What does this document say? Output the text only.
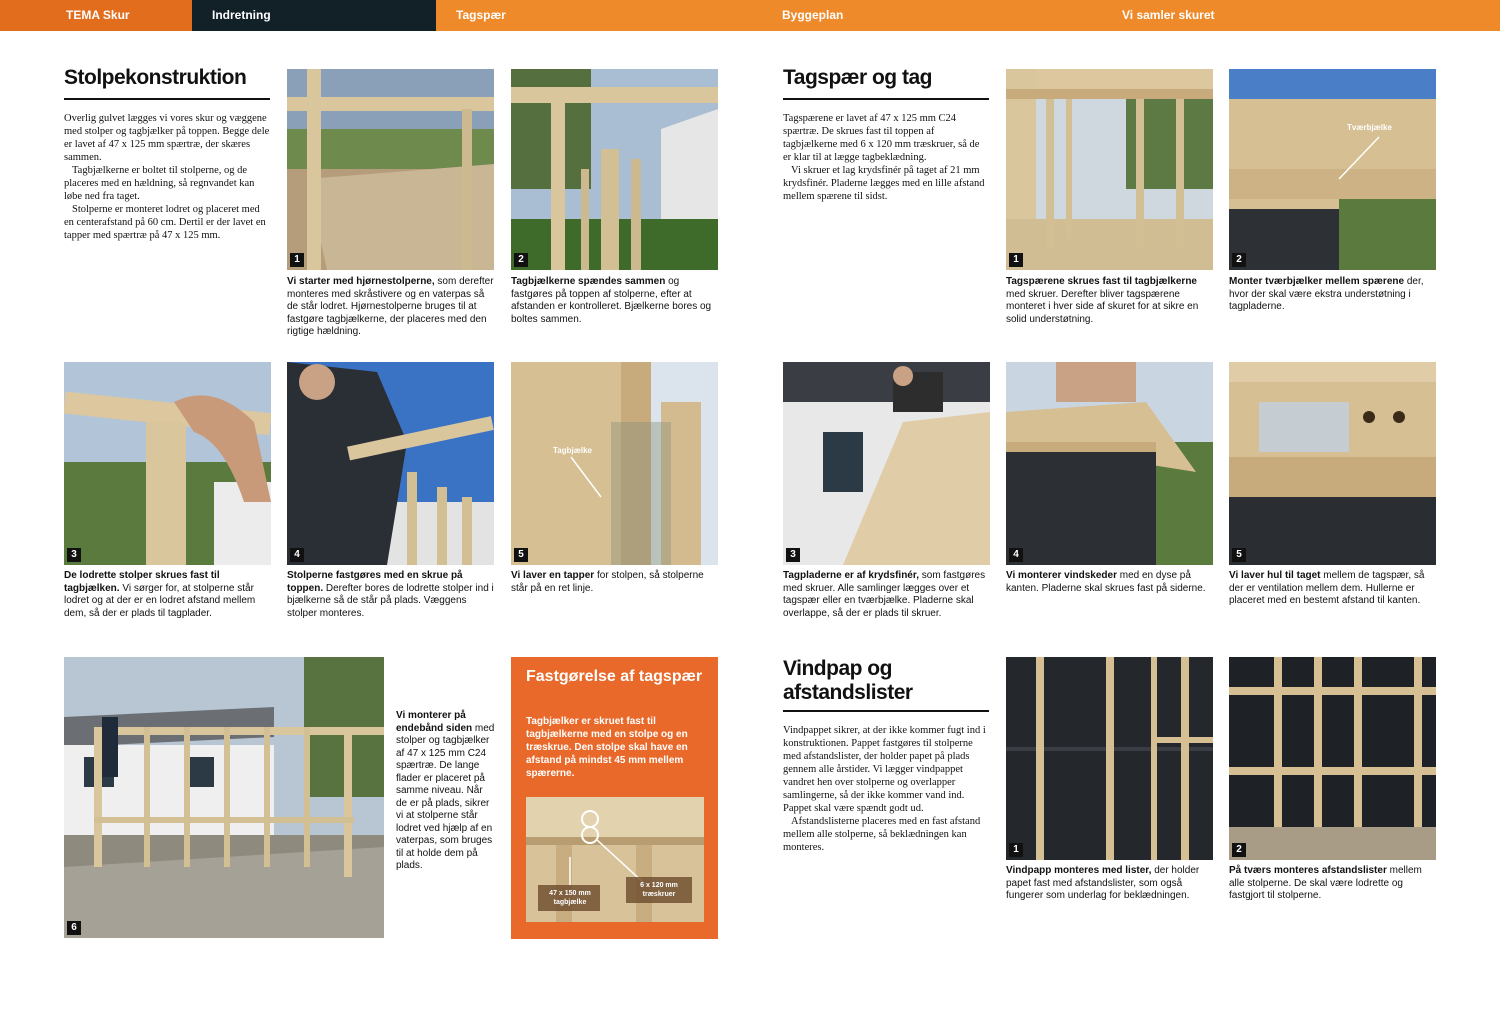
TEMA Skur	Indretning	Tagspær	Byggeplan	Vi samler skuret
Stolpekonstruktion

Overlig gulvet lægges vi vores skur og væggene med stolper og tagbjælker på toppen. Begge dele er lavet af 47 x 125 mm spærtræ, der skæres sammen.

Tagbjælkerne er boltet til stolperne, og de placeres med en hældning, så regnvandet kan løbe ned fra taget.

Stolperne er monteret lodret og placeret med en centerafstand på 60 cm. Dertil er der lavet en tapper med spærtræ på 47 x 125 mm.

1

Vi starter med hjørnestolperne, som derefter monteres med skråstivere og en vaterpas så de står lodret. Hjørnestolperne bruges til at fastgøre tagbjælkerne, der placeres med den rigtige hældning.

2

Tagbjælkerne spændes sammen og fastgøres på toppen af stolperne, efter at afstanden er kontrolleret. Bjælkerne bores og boltes sammen.

3

De lodrette stolper skrues fast til tagbjælken. Vi sørger for, at stolperne står lodret og at der er en lodret afstand mellem dem, så der er plads til tagplader.

4

Stolperne fastgøres med en skrue på toppen. Derefter bores de lodrette stolper ind i bjælkerne så de står på plads. Væggens stolper monteres.

Tagbjælke
5

Vi laver en tapper for stolpen, så stolperne står på en ret linje.

6

Vi monterer på endebånd siden med stolper og tagbjælker af 47 x 125 mm C24 spærtræ. De lange flader er placeret på samme niveau. Når de er på plads, sikrer vi at stolperne står lodret ved hjælp af en vaterpas, som bruges til at holde dem på plads.

Fastgørelse af tagspær

Tagbjælker er skruet fast til tagbjælkerne med en stolpe og en træskrue. Den stolpe skal have en afstand på mindst 45 mm mellem spærerne.

47 x 150 mm tagbjælke
6 x 120 mm træskruer
Tagspær og tag

Tagspærene er lavet af 47 x 125 mm C24 spærtræ. De skrues fast til toppen af tagbjælkerne med 6 x 120 mm træskruer, så de er klar til at lægge tagbeklædning.

Vi skruer et lag krydsfinér på taget af 21 mm krydsfinér. Pladerne lægges med en lille afstand mellem spærene til sidst.

1

Tagspærene skrues fast til tagbjælkerne med skruer. Derefter bliver tagspærene monteret i hver side af skuret for at sikre en solid understøtning.

Tværbjælke
2

Monter tværbjælker mellem spærene der, hvor der skal være ekstra understøtning i tagpladerne.

3

Tagpladerne er af krydsfinér, som fastgøres med skruer. Alle samlinger lægges over et tagspær eller en tværbjælke. Pladerne skal overlappe, så der er plads til skruer.

4

Vi monterer vindskeder med en dyse på kanten. Pladerne skal skrues fast på siderne.

5

Vi laver hul til taget mellem de tagspær, så der er ventilation mellem dem. Hullerne er placeret med en bestemt afstand til kanten.

Vindpap og afstandslister

Vindpappet sikrer, at der ikke kommer fugt ind i konstruktionen. Pappet fastgøres til stolperne med afstandslister, der holder papet på plads gennem alle årstider. Vi lægger vindpappet vandret hen over stolperne og overlapper samlingerne, så der ikke kommer vand ind. Pappet skal være spændt godt ud.

Afstandslisterne placeres med en fast afstand mellem alle stolperne, så beklædningen kan monteres.	1

Vindpapp monteres med lister, der holder papet fast med afstandslister, som også fungerer som underlag for beklædningen.

2

På tværs monteres afstandslister mellem alle stolperne. De skal være lodrette og fastgjort til stolperne.
